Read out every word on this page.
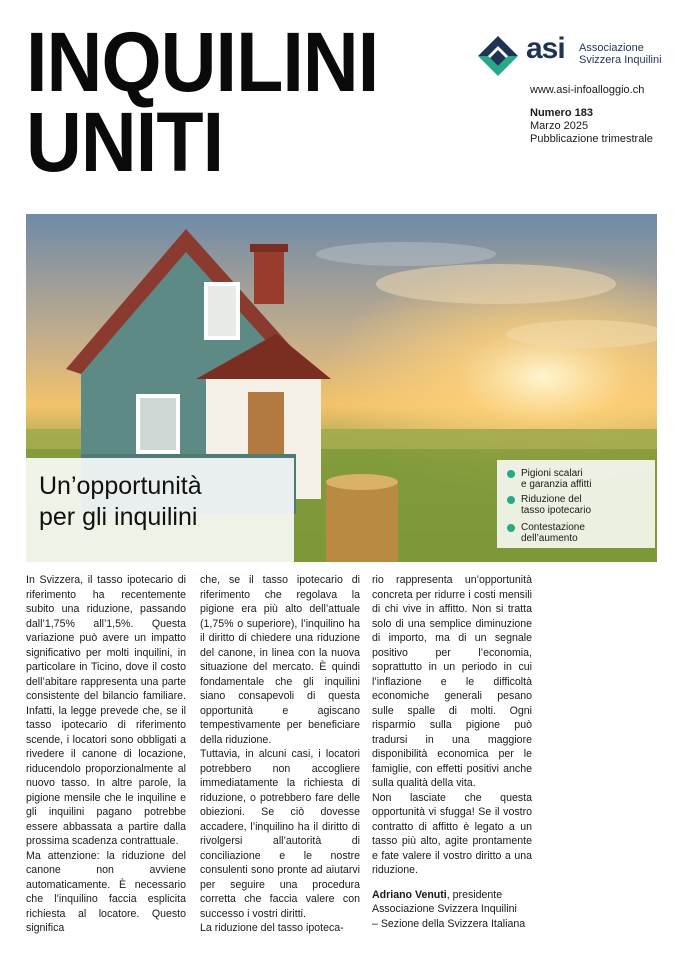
INQUILINI
UNITI
asi Associazione
Svizzera Inquilini
www.asi-infoalloggio.ch
Numero 183
Marzo 2025
Pubblicazione trimestrale
Un’opportunità
per gli inquilini
Pigioni scalari
e garanzia affitti
Riduzione del
tasso ipotecario
Contestazione
dell’aumento

In Svizzera, il tasso ipotecario di riferimento ha recentemente subito una riduzione, passando dall’1,75% all’1,5%. Questa variazione può avere un impatto significativo per molti inquilini, in particolare in Ticino, dove il costo dell’abitare rappresenta una parte consistente del bilancio familiare. Infatti, la legge prevede che, se il tasso ipotecario di riferimento scende, i locatori sono obbligati a rivedere il canone di locazione, riducendolo proporzionalmente al nuovo tasso. In altre parole, la pigione mensile che le inquiline e gli inquilini pagano potrebbe essere abbassata a partire dalla prossima scadenza contrattuale.

Ma attenzione: la riduzione del canone non avviene automaticamente. È necessario che l’inquilino faccia esplicita richiesta al locatore. Questo significa

che, se il tasso ipotecario di riferimento che regolava la pigione era più alto dell’attuale (1,75% o superiore), l’inquilino ha il diritto di chiedere una riduzione del canone, in linea con la nuova situazione del mercato. È quindi fondamentale che gli inquilini siano consapevoli di questa opportunità e agiscano tempestivamente per beneficiare della riduzione.

Tuttavia, in alcuni casi, i locatori potrebbero non accogliere immediatamente la richiesta di riduzione, o potrebbero fare delle obiezioni. Se ciò dovesse accadere, l’inquilino ha il diritto di rivolgersi all’autorità di conciliazione e le nostre consulenti sono pronte ad aiutarvi per seguire una procedura corretta che faccia valere con successo i vostri diritti.

La riduzione del tasso ipoteca-

rio rappresenta un’opportunità concreta per ridurre i costi mensili di chi vive in affitto. Non si tratta solo di una semplice diminuzione di importo, ma di un segnale positivo per l’economia, soprattutto in un periodo in cui l’inflazione e le difficoltà economiche generali pesano sulle spalle di molti. Ogni risparmio sulla pigione può tradursi in una maggiore disponibilità economica per le famiglie, con effetti positivi anche sulla qualità della vita.

Non lasciate che questa opportunità vi sfugga! Se il vostro contratto di affitto è legato a un tasso più alto, agite prontamente e fate valere il vostro diritto a una riduzione.

Adriano Venuti, presidente
Associazione Svizzera Inquilini
– Sezione della Svizzera Italiana
